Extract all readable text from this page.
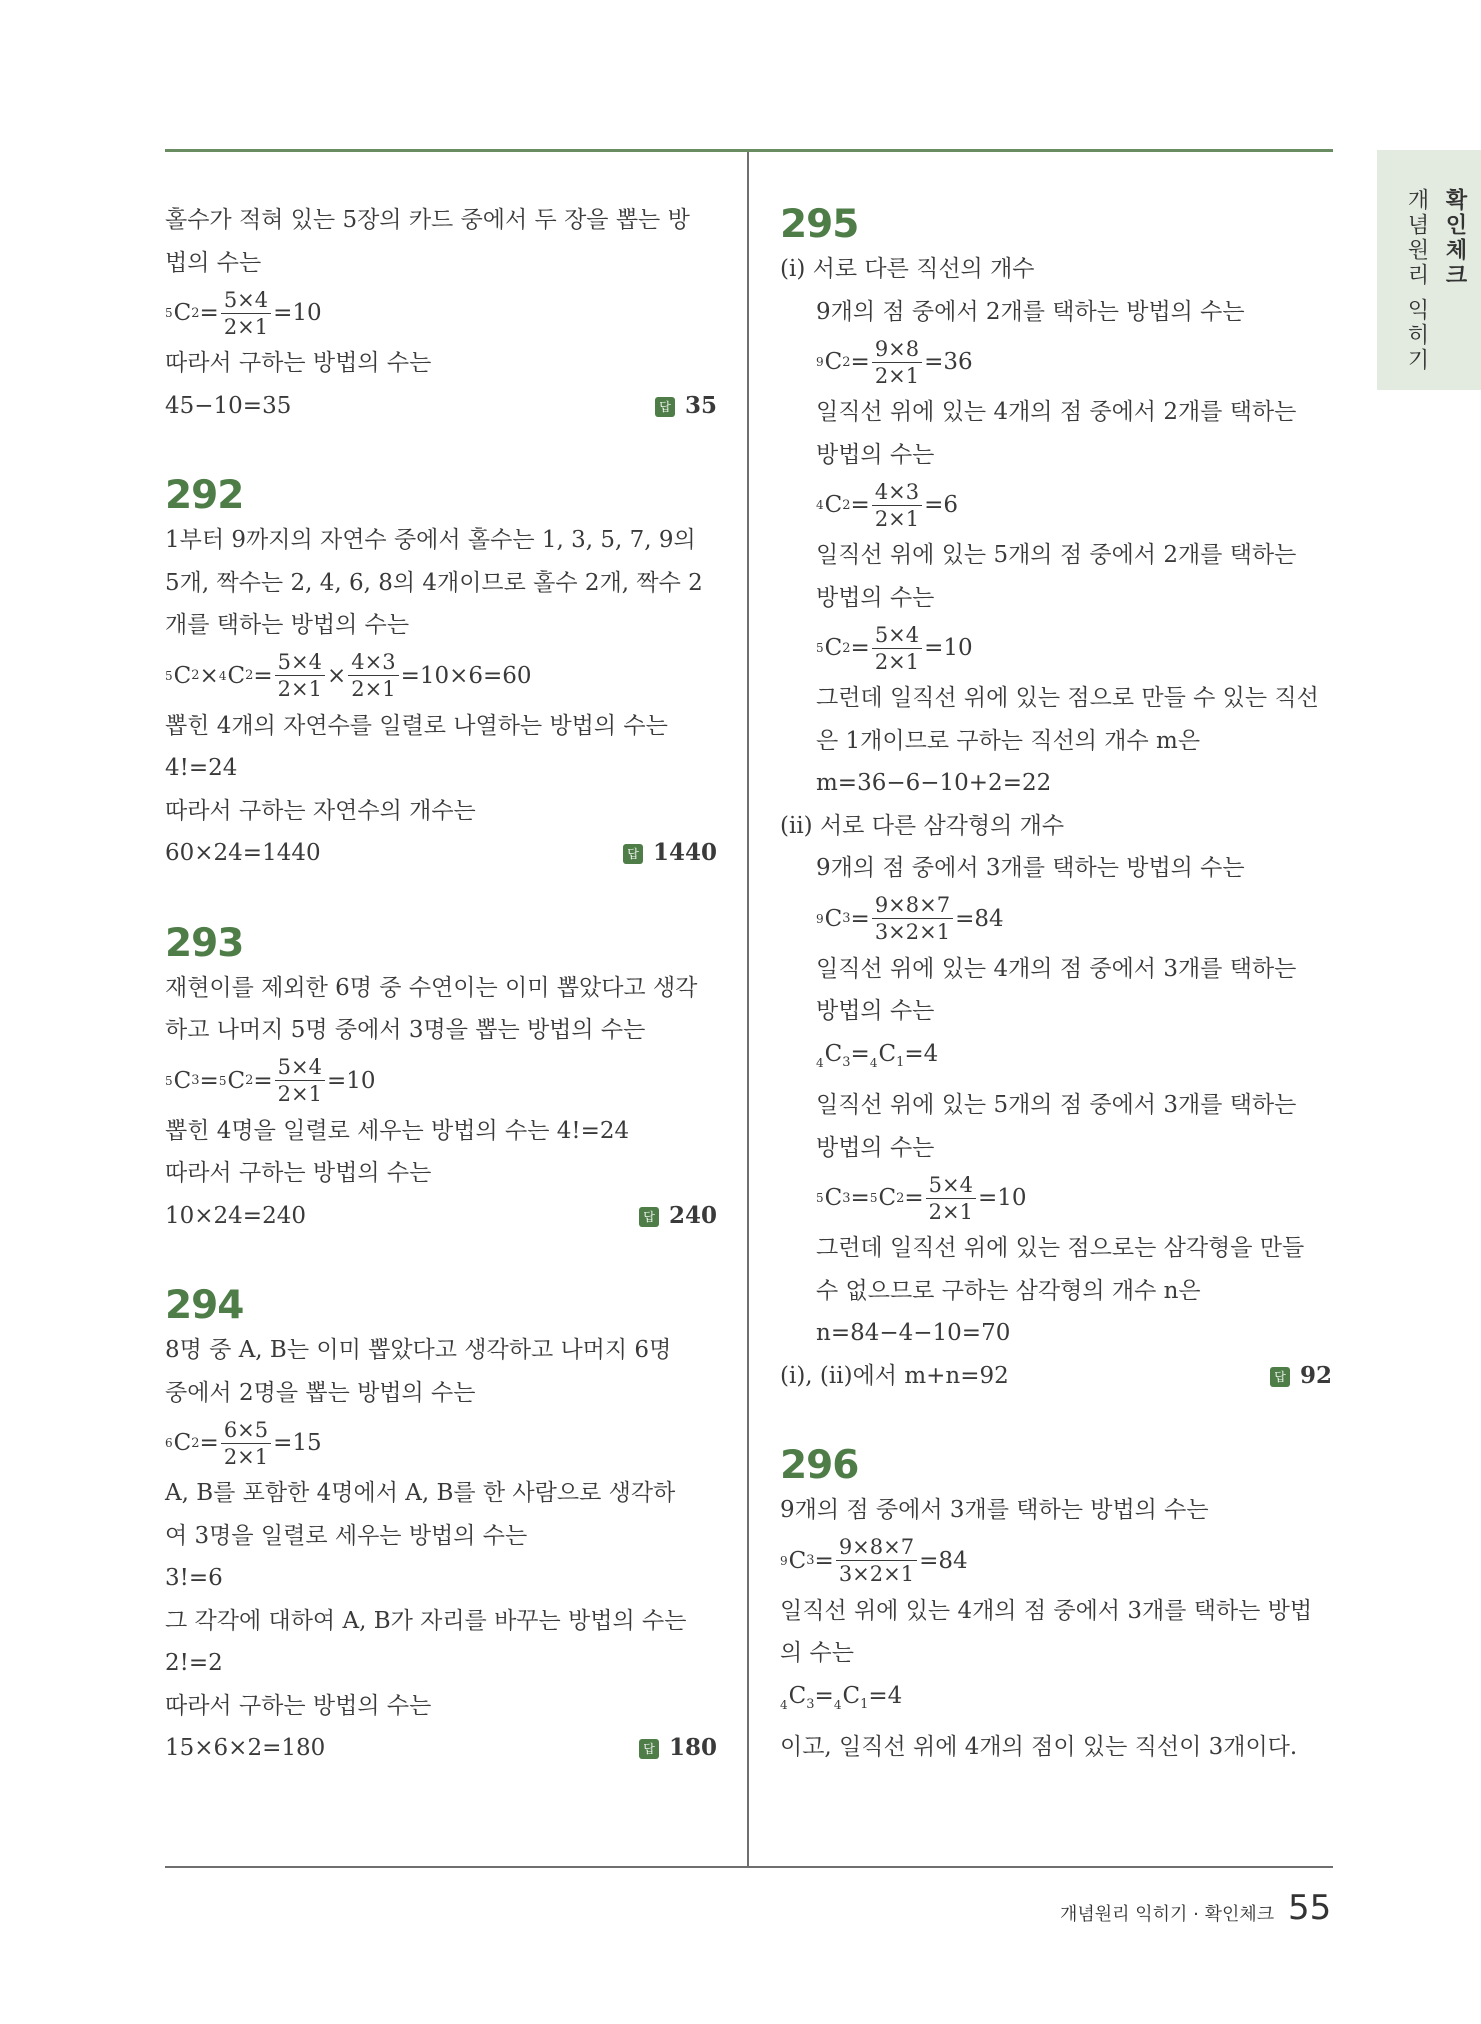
확인체크
개념원리 익히기
홀수가 적혀 있는 5장의 카드 중에서 두 장을 뽑는 방
법의 수는
5 C $2 = \frac{5\times 4}{2\times 1} =10$
따라서 구하는 방법의 수는
45−10=35	답 35
292
1부터 9까지의 자연수 중에서 홀수는 1, 3, 5, 7, 9의
5개, 짝수는 2, 4, 6, 8의 4개이므로 홀수 2개, 짝수 2
개를 택하는 방법의 수는
5 C 2 × 4 C $2 = \frac{5\times 4}{2\times 1} \times \frac{4\times 3}{2\times 1} =10\times 6=60$
뽑힌 4개의 자연수를 일렬로 나열하는 방법의 수는
4!=24
따라서 구하는 자연수의 개수는
60×24=1440	답 1440
293
재현이를 제외한 6명 중 수연이는 이미 뽑았다고 생각
하고 나머지 5명 중에서 3명을 뽑는 방법의 수는
5 C 3 = 5 C $2 = \frac{5\times 4}{2\times 1} =10$
뽑힌 4명을 일렬로 세우는 방법의 수는 4!=24
따라서 구하는 방법의 수는
10×24=240	답 240
294
8명 중 A, B는 이미 뽑았다고 생각하고 나머지 6명
중에서 2명을 뽑는 방법의 수는
6 C $2 = \frac{6\times 5}{2\times 1} =15$
A, B를 포함한 4명에서 A, B를 한 사람으로 생각하
여 3명을 일렬로 세우는 방법의 수는
3!=6
그 각각에 대하여 A, B가 자리를 바꾸는 방법의 수는
2!=2
따라서 구하는 방법의 수는
15×6×2=180	답 180
295
(ⅰ) 서로 다른 직선의 개수
9개의 점 중에서 2개를 택하는 방법의 수는
9 C $2 = \frac{9\times 8}{2\times 1} =36$
일직선 위에 있는 4개의 점 중에서 2개를 택하는
방법의 수는
4 C $2 = \frac{4\times 3}{2\times 1} =6$
일직선 위에 있는 5개의 점 중에서 2개를 택하는
방법의 수는
5 C $2 = \frac{5\times 4}{2\times 1} =10$
그런데 일직선 위에 있는 점으로 만들 수 있는 직선
은 1개이므로 구하는 직선의 개수 m은
m=36−6−10+2=22
(ⅱ) 서로 다른 삼각형의 개수
9개의 점 중에서 3개를 택하는 방법의 수는
9 C $3 = \frac{9\times 8\times 7}{3\times 2\times 1} =84$
일직선 위에 있는 4개의 점 중에서 3개를 택하는
방법의 수는
$_4C_3=_4C_1=4$
일직선 위에 있는 5개의 점 중에서 3개를 택하는
방법의 수는
5 C 3 = 5 C $2 = \frac{5\times 4}{2\times 1} =10$
그런데 일직선 위에 있는 점으로는 삼각형을 만들
수 없으므로 구하는 삼각형의 개수 n은
n=84−4−10=70
(ⅰ), (ⅱ)에서 m+n=92	답 92
296
9개의 점 중에서 3개를 택하는 방법의 수는
9 C $3 = \frac{9\times 8\times 7}{3\times 2\times 1} =84$
일직선 위에 있는 4개의 점 중에서 3개를 택하는 방법
의 수는
$_4C_3=_4C_1=4$
이고, 일직선 위에 4개의 점이 있는 직선이 3개이다.
개념원리 익히기 · 확인체크 55
